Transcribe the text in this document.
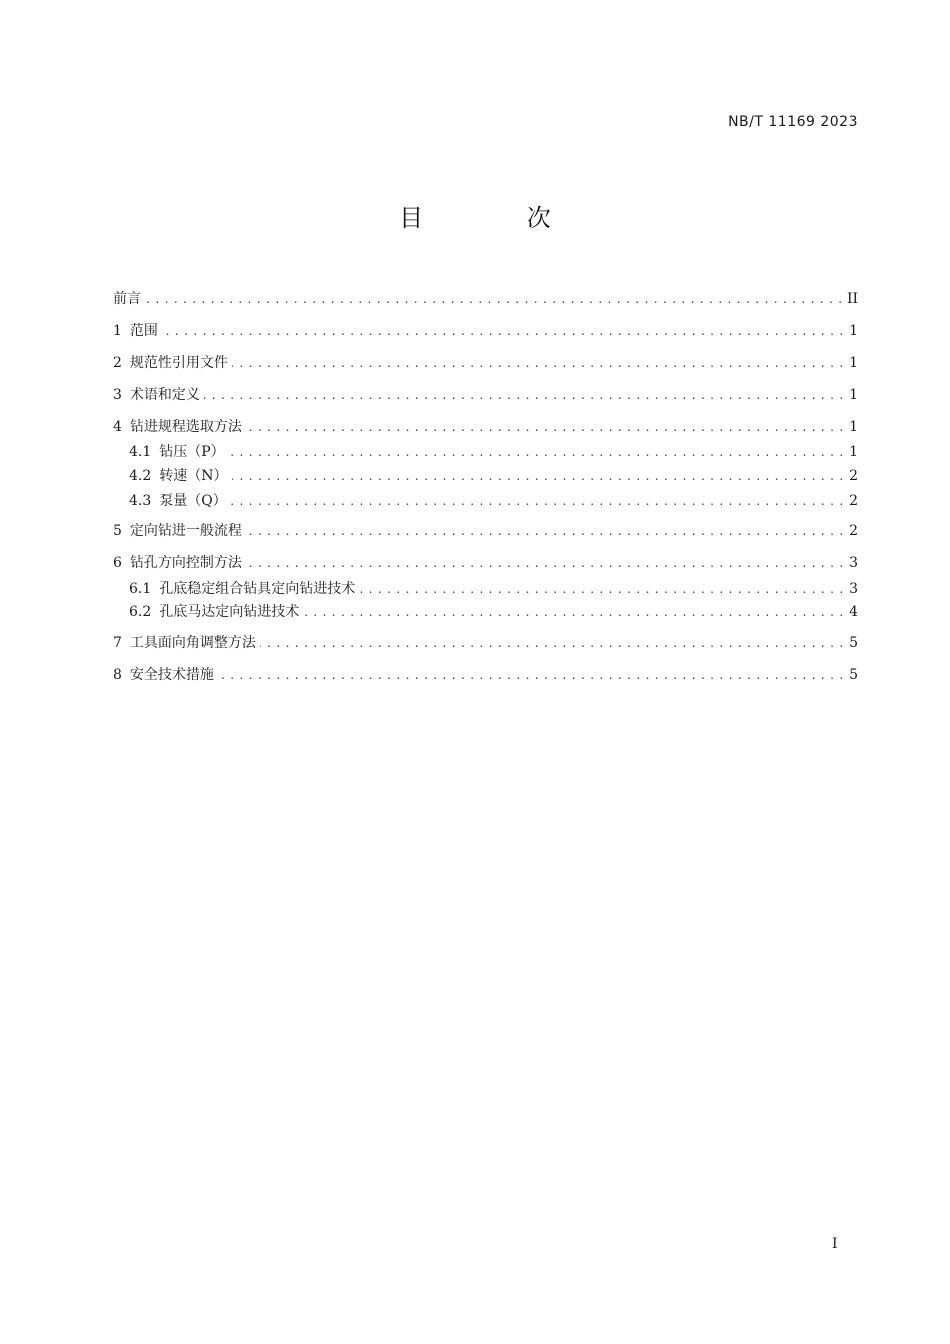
NB/T 11169 2023
目 次
前言 . . .	II
1 范围 . . .	1
2 规范性引用文件 . . .	1
3 术语和定义 . . .	1
4 钻进规程选取方法 . . .	1
4.1 钻压（P） . . .	1
4.2 转速（N） . . .	2
4.3 泵量（Q） . . .	2
5 定向钻进一般流程 . . .	2
6 钻孔方向控制方法 . . .	3
6.1 孔底稳定组合钻具定向钻进技术 . . .	3
6.2 孔底马达定向钻进技术 . . .	4
7 工具面向角调整方法 . . .	5
8 安全技术措施 . . .	5
I
